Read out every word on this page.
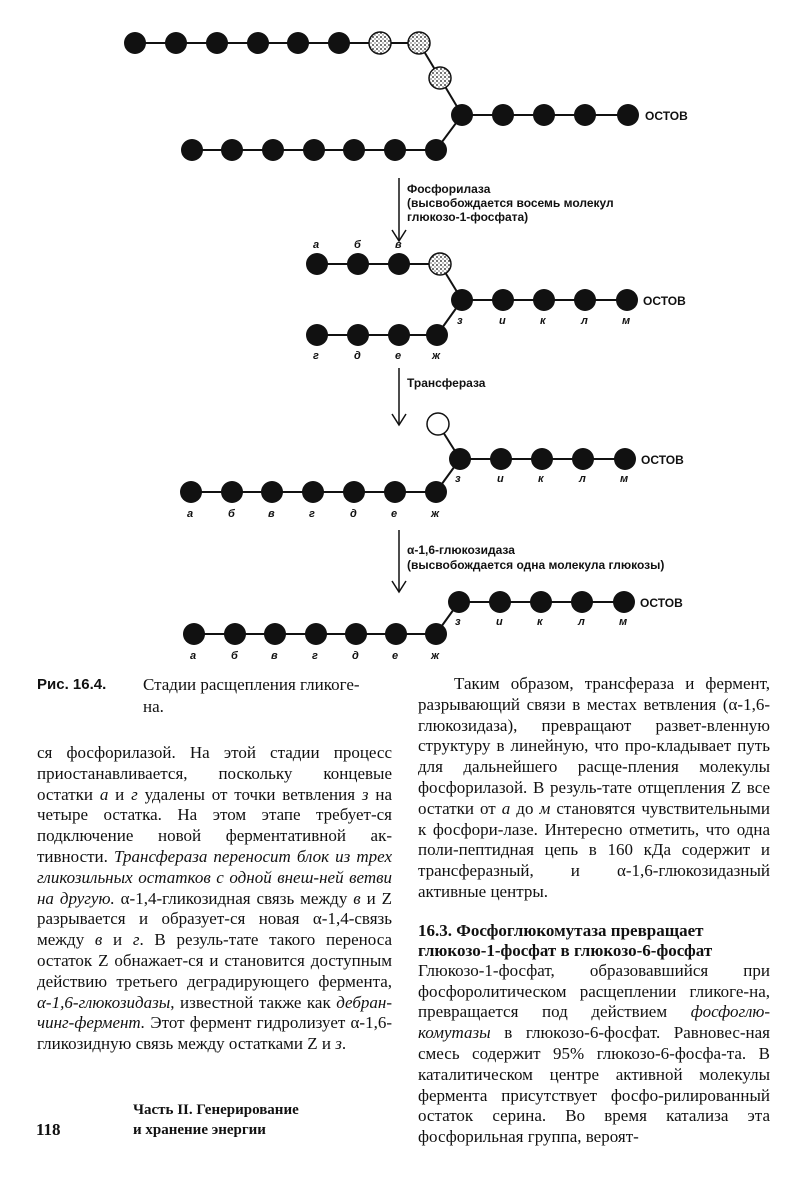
ОСТОВ
Фосфорилаза
(высвобождается восемь молекул
глюкозо-1-фосфата)
ОСТОВ
а	б	в
з	и	к	л	м
г	д	е	ж
Трансфераза
ОСТОВ
з	и	к	л	м
а	б	в	г	д	е	ж
α-1,6-глюкозидаза
(высвобождается одна молекула глюкозы)
ОСТОВ
з	и	к	л	м
а	б	в	г	д	е	ж
Рис. 16.4. Стадии расщепления гликоге-
на.

ся фосфорилазой. На этой стадии процесс приостанавливается, поскольку концевые остатки а и г удалены от точки ветвления з на четыре остатка. На этом этапе требует-ся подключение новой ферментативной ак-тивности. Трансфераза переносит блок из трех гликозильных остатков с одной внеш-ней ветви на другую. α-1,4-гликозидная связь между в и Z разрывается и образует-ся новая α-1,4-связь между в и г. В резуль-тате такого переноса остаток Z обнажает-ся и становится доступным действию третьего деградирующего фермента, α-1,6-глюкозидазы, известной также как дебран-чинг-фермент. Этот фермент гидролизует α-1,6-гликозидную связь между остатками Z и з.

Таким образом, трансфераза и фермент, разрывающий связи в местах ветвления (α-1,6-глюкозидаза), превращают развет-вленную структуру в линейную, что про-кладывает путь для дальнейшего расще-пления молекулы фосфорилазой. В резуль-тате отщепления Z все остатки от а до м становятся чувствительными к фосфори-лазе. Интересно отметить, что одна поли-пептидная цепь в 160 кДа содержит и трансферазный, и α-1,6-глюкозидазный активные центры.

16.3. Фосфоглюкомутаза превращает
глюкозо-1-фосфат в глюкозо-6-фосфат

Глюкозо-1-фосфат, образовавшийся при фосфоролитическом расщеплении гликоге-на, превращается под действием фосфоглю-комутазы в глюкозо-6-фосфат. Равновес-ная смесь содержит 95% глюкозо-6-фосфа-та. В каталитическом центре активной молекулы фермента присутствует фосфо-рилированный остаток серина. Во время катализа эта фосфорильная группа, вероят-

118
Часть II. Генерирование
и хранение энергии
